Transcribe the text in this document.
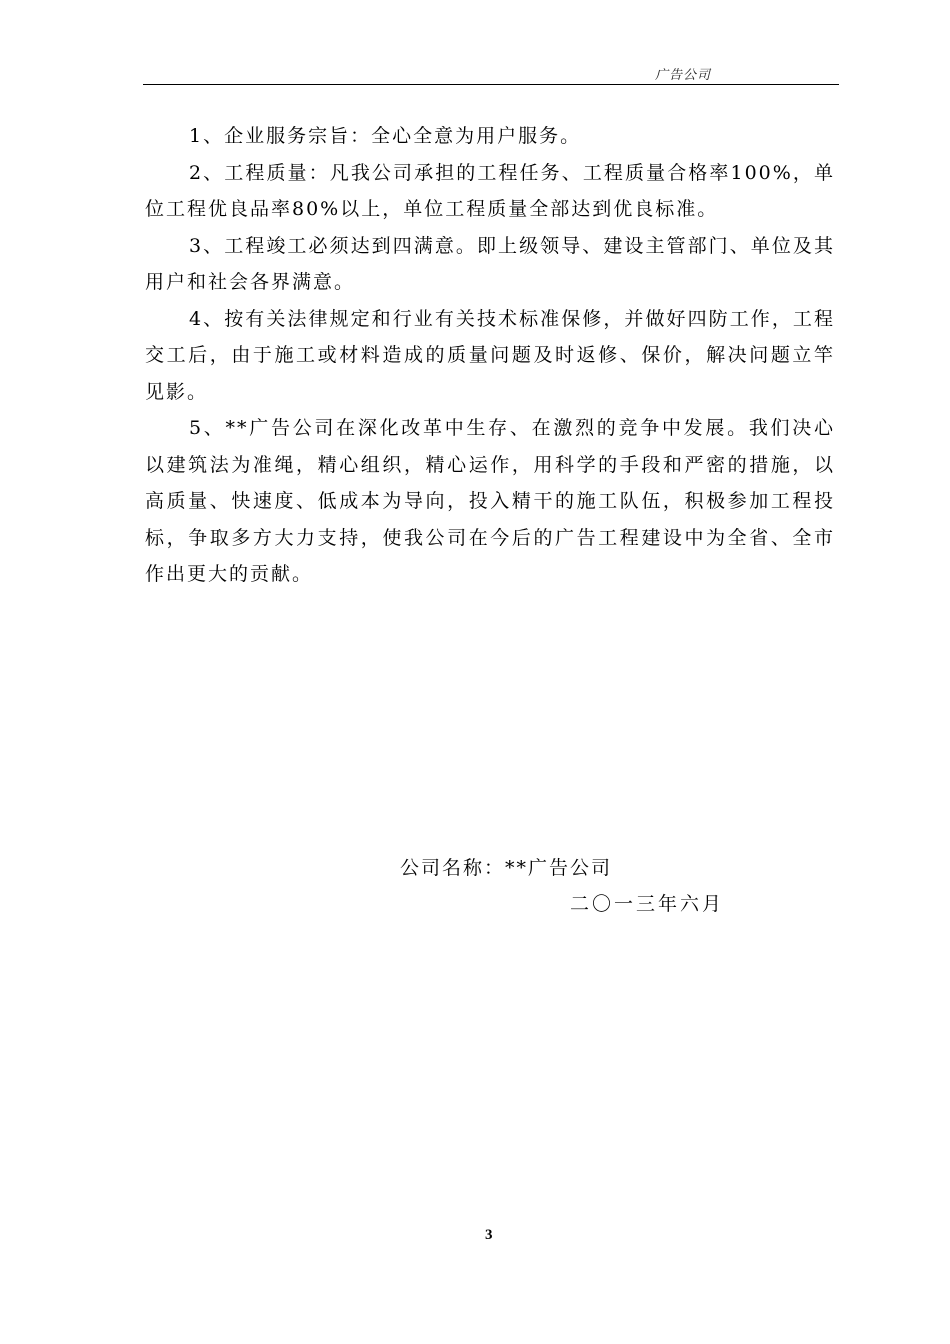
广告公司

1、企业服务宗旨：全心全意为用户服务。

2、工程质量：凡我公司承担的工程任务、工程质量合格率100%，单位工程优良品率80%以上，单位工程质量全部达到优良标准。

3、工程竣工必须达到四满意。即上级领导、建设主管部门、单位及其用户和社会各界满意。

4、按有关法律规定和行业有关技术标准保修，并做好四防工作，工程交工后，由于施工或材料造成的质量问题及时返修、保价，解决问题立竿见影。

5、**广告公司在深化改革中生存、在激烈的竞争中发展。我们决心以建筑法为准绳，精心组织，精心运作，用科学的手段和严密的措施，以高质量、快速度、低成本为导向，投入精干的施工队伍，积极参加工程投标，争取多方大力支持，使我公司在今后的广告工程建设中为全省、全市作出更大的贡献。

公司名称：**广告公司
二〇一三年六月
3
